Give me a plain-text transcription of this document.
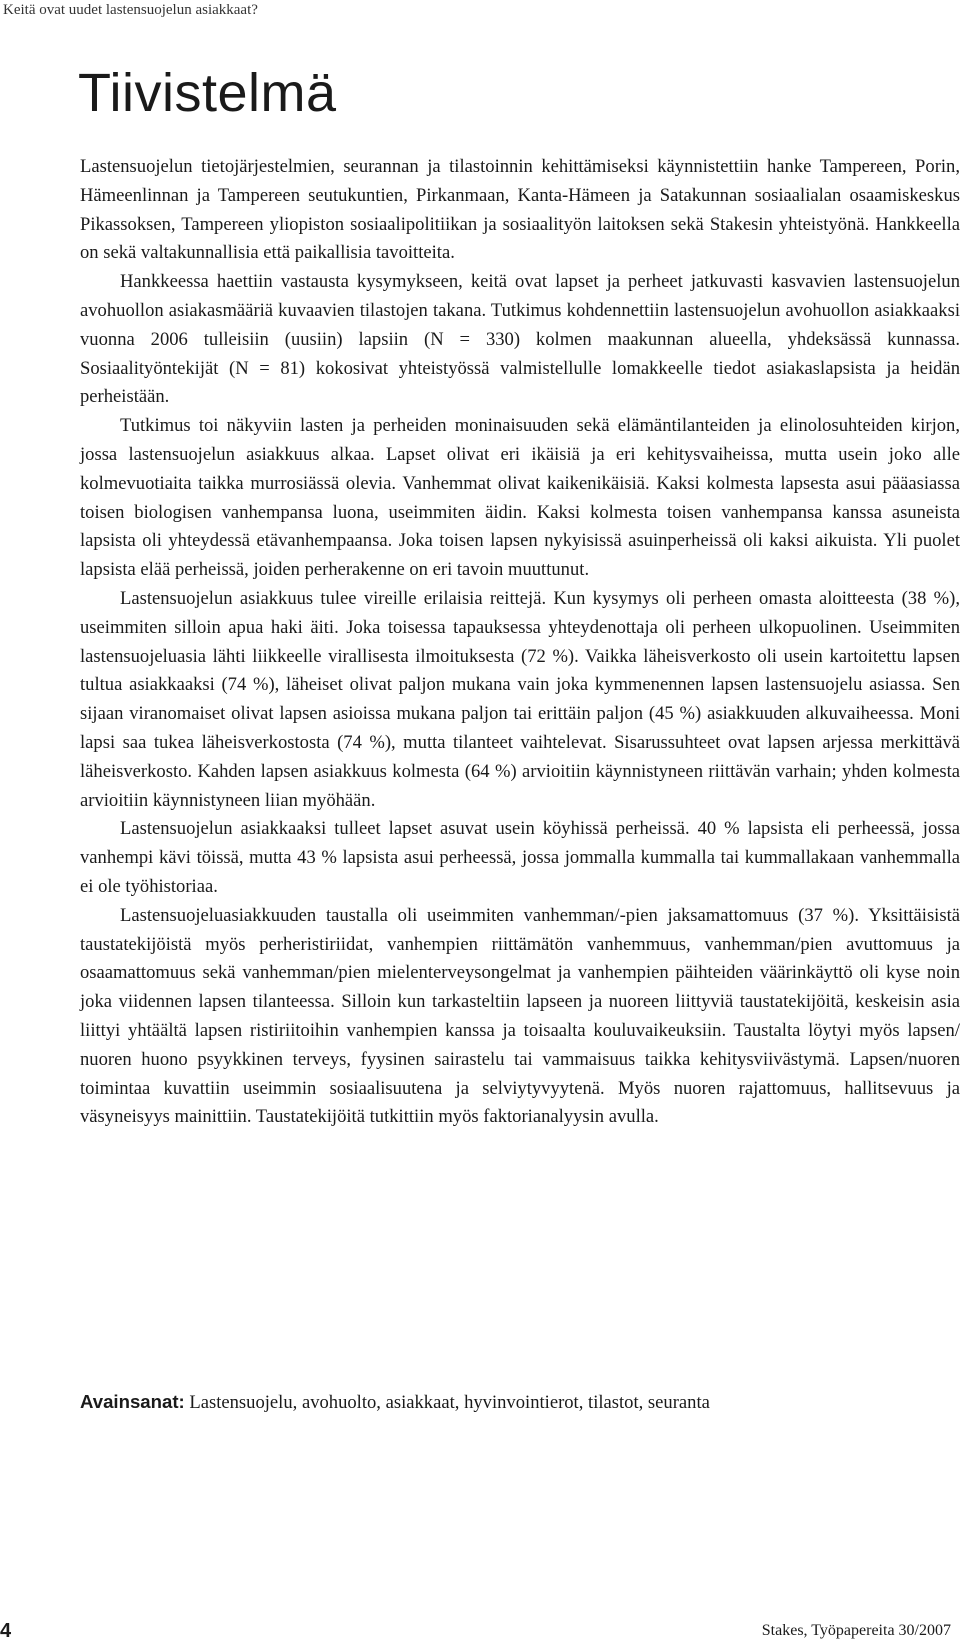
Keitä ovat uudet lastensuojelun asiakkaat?
Tiivistelmä

Lastensuojelun tietojärjestelmien, seurannan ja tilastoinnin kehittämiseksi käynnistettiin hanke Tampereen, Porin, Hämeenlinnan ja Tampereen seutukuntien, Pirkanmaan, Kanta-Hämeen ja Satakunnan sosiaalialan osaamiskeskus Pikassoksen, Tampereen yliopiston sosiaalipolitiikan ja sosiaalityön laitoksen sekä Stakesin yhteistyönä. Hankkeella on sekä valtakunnallisia että paikallisia tavoitteita.

Hankkeessa haettiin vastausta kysymykseen, keitä ovat lapset ja perheet jatkuvasti kasvavien lastensuojelun avohuollon asiakasmääriä kuvaavien tilastojen takana. Tutkimus kohdennettiin lastensuojelun avohuollon asiakkaaksi vuonna 2006 tulleisiin (uusiin) lapsiin (N = 330) kolmen maakunnan alueella, yhdeksässä kunnassa. Sosiaalityöntekijät (N = 81) kokosivat yhteistyössä valmistellulle lomakkeelle tiedot asiakaslapsista ja heidän perheistään.

Tutkimus toi näkyviin lasten ja perheiden moninaisuuden sekä elämäntilanteiden ja elinolosuhteiden kirjon, jossa lastensuojelun asiakkuus alkaa. Lapset olivat eri ikäisiä ja eri kehitysvaiheissa, mutta usein joko alle kolmevuotiaita taikka murrosiässä olevia. Vanhemmat olivat kaikenikäisiä. Kaksi kolmesta lapsesta asui pääasiassa toisen biologisen vanhempansa luona, useimmiten äidin. Kaksi kolmesta toisen vanhempansa kanssa asuneista lapsista oli yhteydessä etävanhempaansa. Joka toisen lapsen nykyisissä asuinperheissä oli kaksi aikuista. Yli puolet lapsista elää perheissä, joiden perherakenne on eri tavoin muuttunut.

Lastensuojelun asiakkuus tulee vireille erilaisia reittejä. Kun kysymys oli perheen omasta aloitteesta (38 %), useimmiten silloin apua haki äiti. Joka toisessa tapauksessa yhteydenottaja oli perheen ulkopuolinen. Useimmiten lastensuojeluasia lähti liikkeelle virallisesta ilmoituksesta (72 %). Vaikka läheisverkosto oli usein kartoitettu lapsen tultua asiakkaaksi (74 %), läheiset olivat paljon mukana vain joka kymmenennen lapsen lastensuojelu asiassa. Sen sijaan viranomaiset olivat lapsen asioissa mukana paljon tai erittäin paljon (45 %) asiakkuuden alkuvaiheessa. Moni lapsi saa tukea läheisverkostosta (74 %), mutta tilanteet vaihtelevat. Sisarussuhteet ovat lapsen arjessa merkittävä läheisverkosto. Kahden lapsen asiakkuus kolmesta (64 %) arvioitiin käynnistyneen riittävän varhain; yhden kolmesta arvioitiin käynnistyneen liian myöhään.

Lastensuojelun asiakkaaksi tulleet lapset asuvat usein köyhissä perheissä. 40 % lapsista eli perheessä, jossa vanhempi kävi töissä, mutta 43 % lapsista asui perheessä, jossa jommalla kummalla tai kummallakaan vanhemmalla ei ole työhistoriaa.

Lastensuojeluasiakkuuden taustalla oli useimmiten vanhemman/-pien jaksamattomuus (37 %). Yksittäisistä taustatekijöistä myös perheristiriidat, vanhempien riittämätön vanhemmuus, vanhemman/pien avuttomuus ja osaamattomuus sekä vanhemman/pien mielenterveysongelmat ja vanhempien päihteiden väärinkäyttö oli kyse noin joka viidennen lapsen tilanteessa. Silloin kun tarkasteltiin lapseen ja nuoreen liittyviä taustatekijöitä, keskeisin asia liittyi yhtäältä lapsen ristiriitoihin vanhempien kanssa ja toisaalta kouluvaikeuksiin. Taustalta löytyi myös lapsen/ nuoren huono psyykkinen terveys, fyysinen sairastelu tai vammaisuus taikka kehitysviivästymä. Lapsen/nuoren toimintaa kuvattiin useimmin sosiaalisuutena ja selviytyvyytenä. Myös nuoren rajattomuus, hallitsevuus ja väsyneisyys mainittiin. Taustatekijöitä tutkittiin myös faktorianalyysin avulla.

Avainsanat: Lastensuojelu, avohuolto, asiakkaat, hyvinvointierot, tilastot, seuranta
4	Stakes, Työpapereita 30/2007
